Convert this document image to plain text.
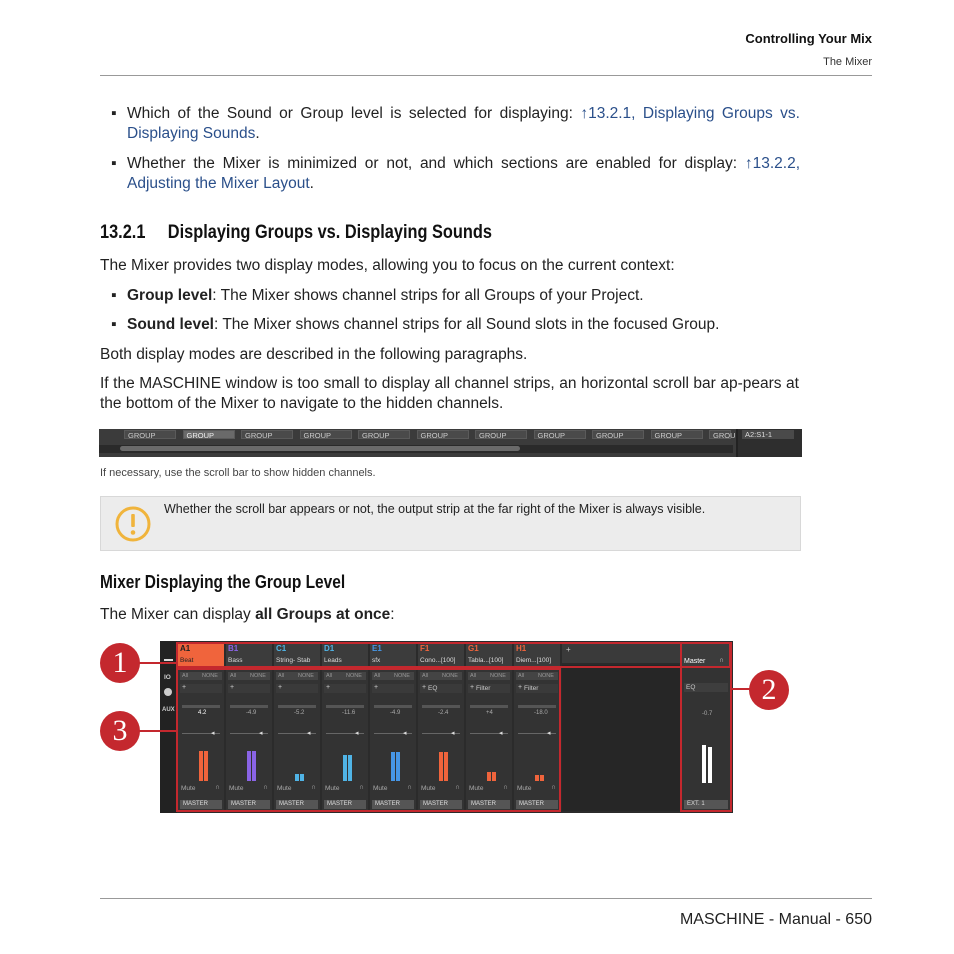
Controlling Your Mix
The Mixer
▪ Which of the Sound or Group level is selected for displaying: ↑13.2.1, Displaying Groups vs. Displaying Sounds.
▪ Whether the Mixer is minimized or not, and which sections are enabled for display: ↑13.2.2, Adjusting the Mixer Layout.
13.2.1 Displaying Groups vs. Displaying Sounds
The Mixer provides two display modes, allowing you to focus on the current context:
▪ Group level: The Mixer shows channel strips for all Groups of your Project.
▪ Sound level: The Mixer shows channel strips for all Sound slots in the focused Group.
Both display modes are described in the following paragraphs.
If the MASCHINE window is too small to display all channel strips, an horizontal scroll bar ap-pears at the bottom of the Mixer to navigate to the hidden channels.
GROUP	GROUP	GROUP	GROUP	GROUP	GROUP	GROUP	GROUP	GROUP	GROUP	GROU	A2:S1-1
If necessary, use the scroll bar to show hidden channels.
Whether the scroll bar appears or not, the output strip at the far right of the Mixer is always visible.
Mixer Displaying the Group Level
The Mixer can display all Groups at once:
IO
AUX
A1
Beat
All	NONE
+
4.2
◂
Mute	∩
MASTER
B1
Bass
All	NONE
+
-4.9
◂
Mute	∩
MASTER
C1
String- Stab
All	NONE
+
-5.2
◂
Mute	∩
MASTER
D1
Leads
All	NONE
+
-11.6
◂
Mute	∩
MASTER
E1
sfx
All	NONE
+
-4.9
◂
Mute	∩
MASTER
F1
Cono...[100]
All	NONE
+ EQ
-2.4
◂
Mute	∩
MASTER
G1
Tabla...[100]
All	NONE
+ Filter
+4
◂
Mute	∩
MASTER
H1
Diem...[100]
All	NONE
+ Filter
-18.0
◂
Mute	∩
MASTER
+
Master ∩
EQ
-0.7
EXT. 1
1
2
3
MASCHINE - Manual - 650
